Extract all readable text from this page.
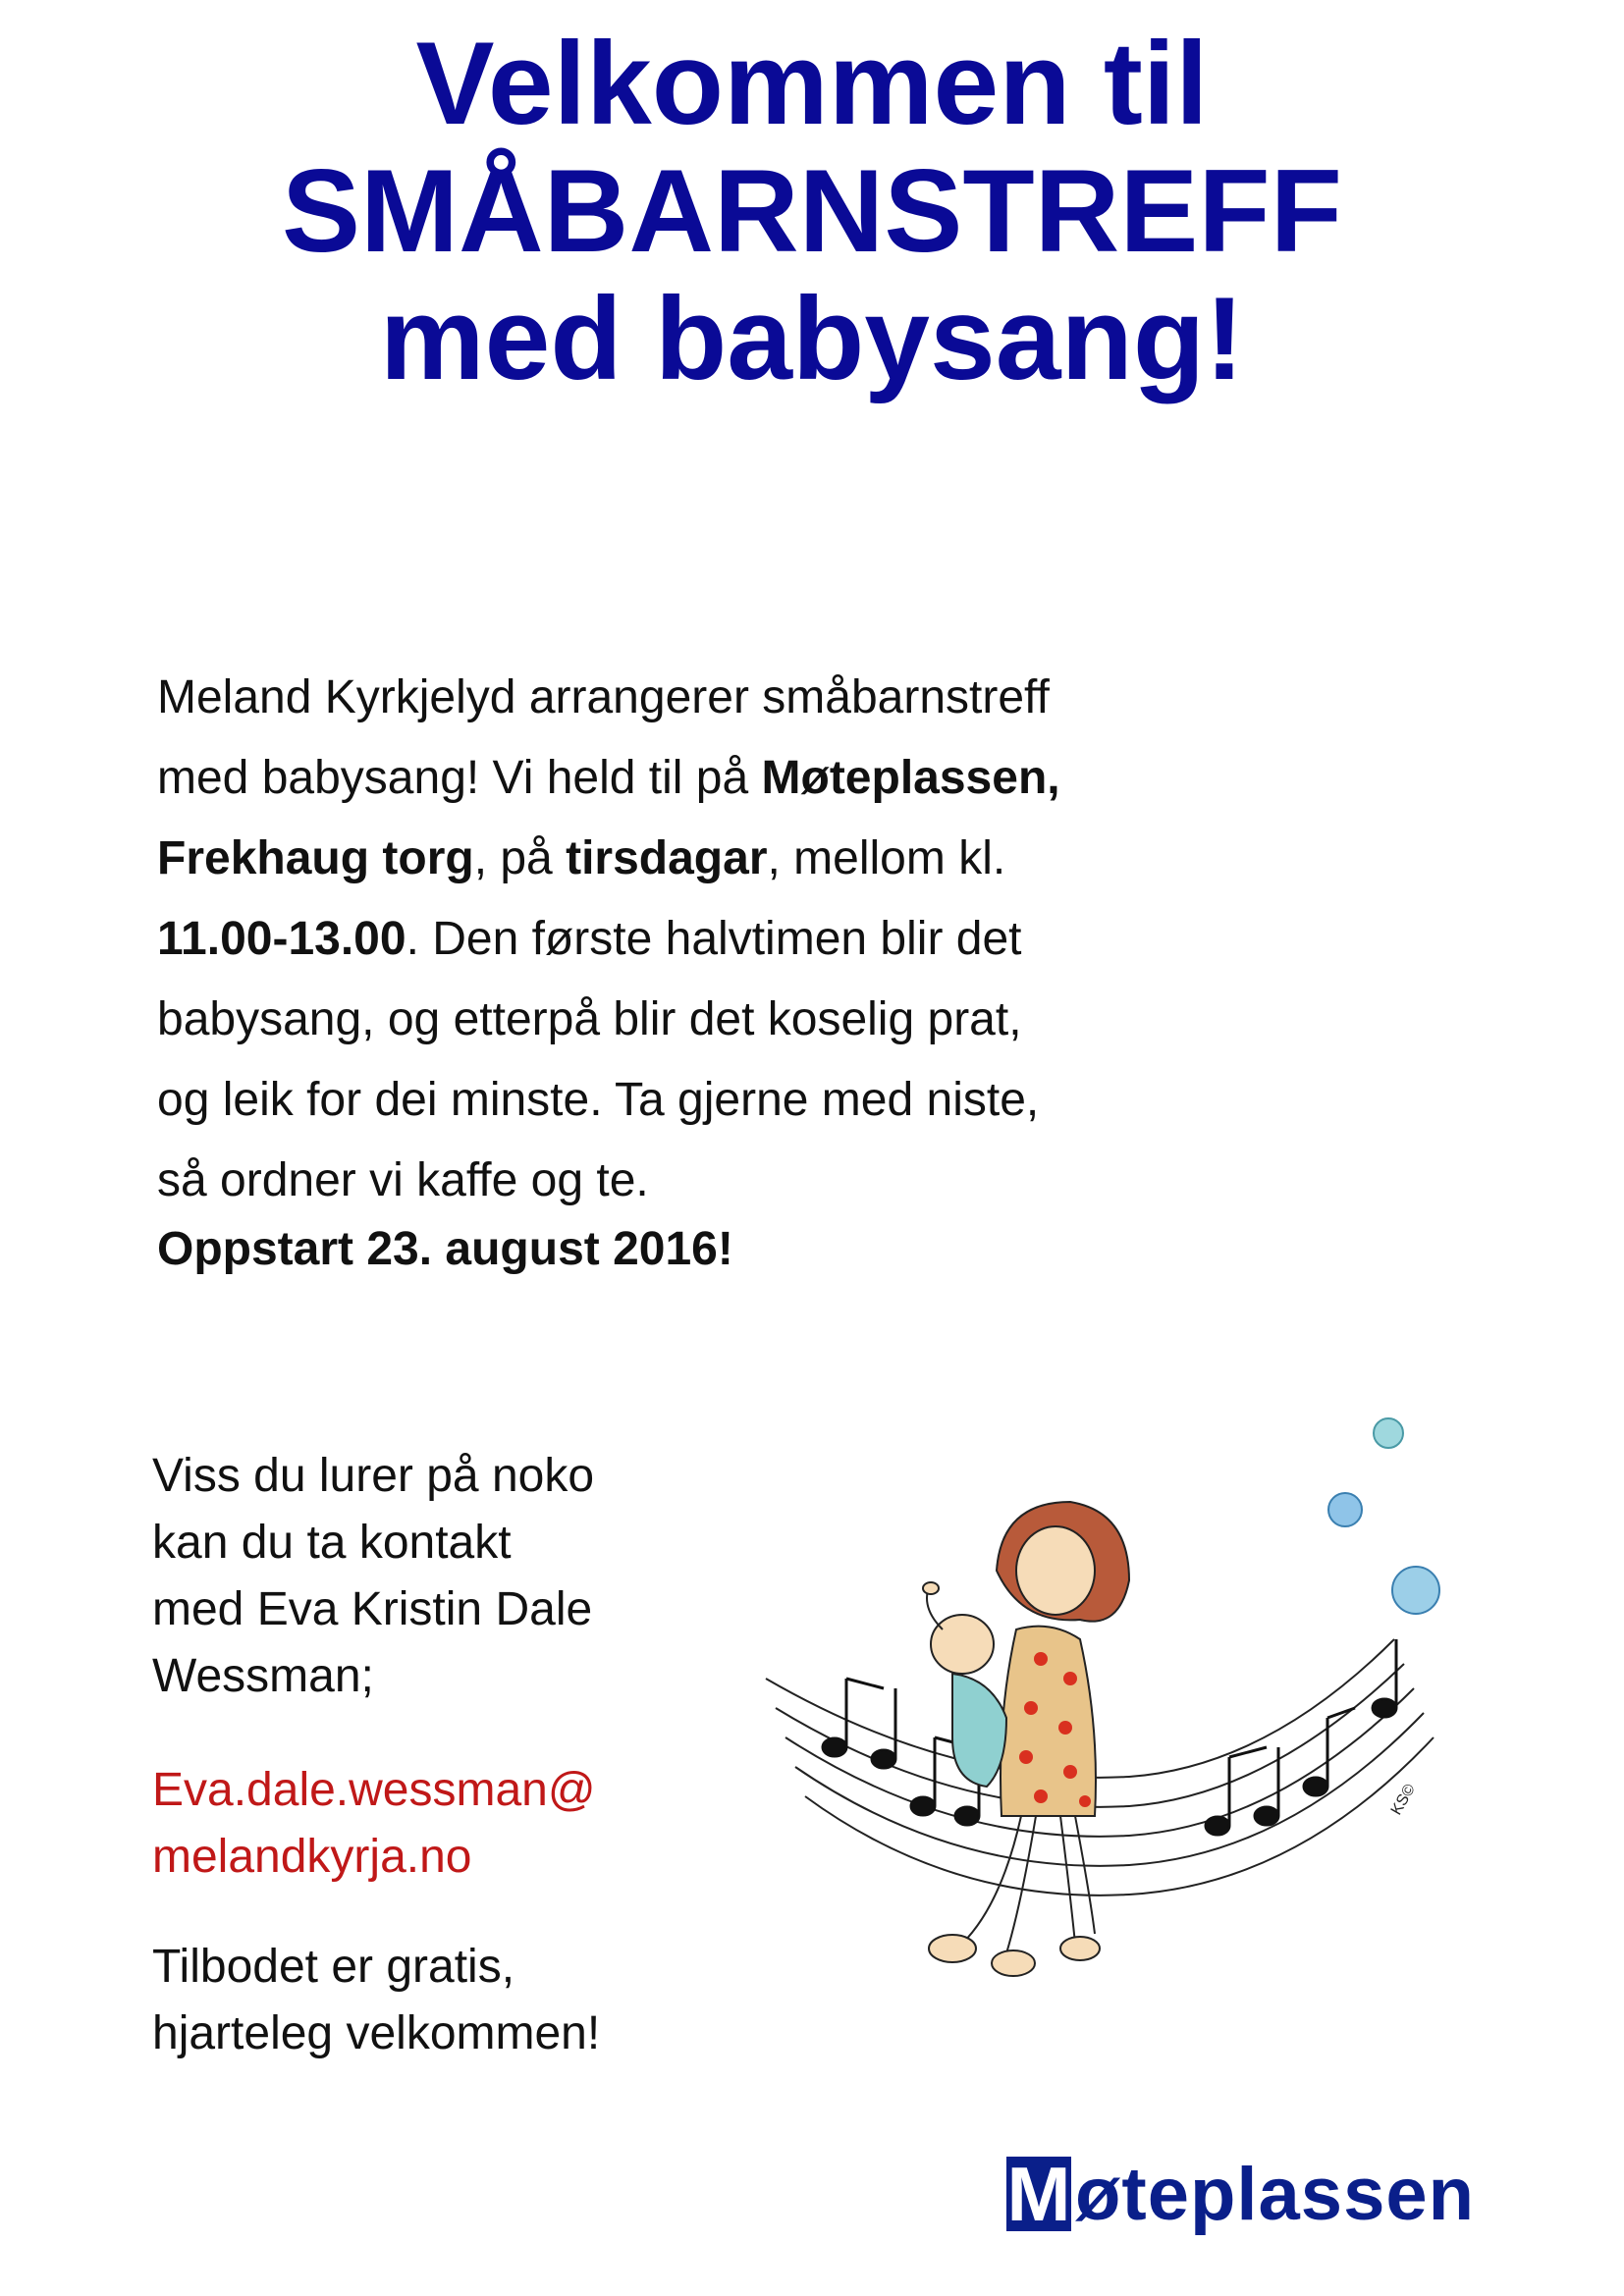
Velkommen til
SMÅBARNSTREFF
med babysang!
Meland Kyrkjelyd arrangerer småbarnstreff
med babysang! Vi held til på Møteplassen,
Frekhaug torg, på tirsdagar, mellom kl.
11.00-13.00. Den første halvtimen blir det
babysang, og etterpå blir det koselig prat,
og leik for dei minste. Ta gjerne med niste,
så ordner vi kaffe og te.
Oppstart 23. august 2016!
Viss du lurer på noko
kan du ta kontakt
med Eva Kristin Dale
Wessman;
Eva.dale.wessman@
melandkyrja.no
Tilbodet er gratis,
hjarteleg velkommen!
KS©
M øteplassen
